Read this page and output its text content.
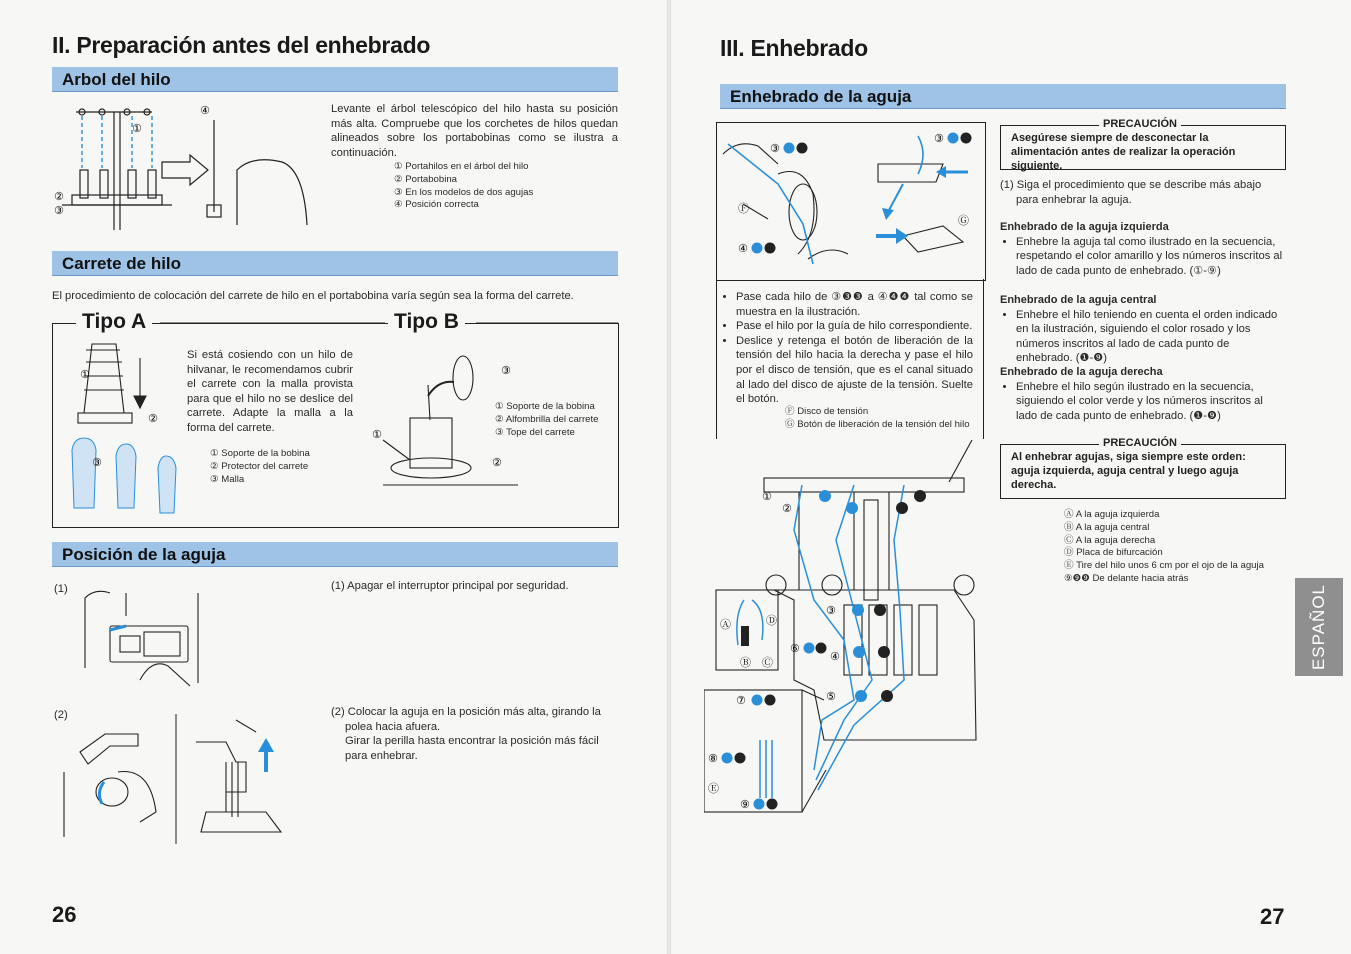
II. Preparación antes del enhebrado
Arbol del hilo
①
②
③
④	Levante el árbol telescópico del hilo hasta su posición más alta. Compruebe que los corchetes de hilos quedan alineados sobre los portabobinas como se ilustra a continuación.
① Portahilos en el árbol del hilo
② Portabobina
③ En los modelos de dos agujas
④ Posición correcta
Carrete de hilo
El procedimiento de colocación del carrete de hilo en el portabobina varía según sea la forma del carrete.
Tipo A	Tipo B
①
②
③
Si está cosiendo con un hilo de hilvanar, le recomendamos cubrir el carrete con la malla provista para que el hilo no se deslice del carrete. Adapte la malla a la forma del carrete.
① Soporte de la bobina
② Protector del carrete
③ Malla
③
①
②
① Soporte de la bobina
② Alfombrilla del carrete
③ Tope del carrete
Posición de la aguja
(1)	(1) Apagar el interruptor principal por seguridad.
(2)	(2) Colocar la aguja en la posición más alta, girando la polea hacia afuera.
Girar la perilla hasta encontrar la posición más fácil para enhebrar.
26
III. Enhebrado
Enhebrado de la aguja
③
③
Ⓕ
Ⓖ
④
• Pase cada hilo de ③❸❸ a ④❹❹ tal como se muestra en la ilustración.
• Pase el hilo por la guía de hilo correspondiente.
• Deslice y retenga el botón de liberación de la tensión del hilo hacia la derecha y pase el hilo por el disco de tensión, que es el canal situado al lado del disco de ajuste de la tensión. Suelte el botón.
Ⓕ Disco de tensión
Ⓖ Botón de liberación de la tensión del hilo
①
②
③
⑥
④
⑤
Ⓐ	Ⓓ
Ⓑ Ⓒ
⑦
⑧
Ⓔ
⑨
Asegúrese siempre de desconectar la alimentación antes de realizar la operación siguiente.
PRECAUCIÓN
(1) Siga el procedimiento que se describe más abajo para enhebrar la aguja.

Enhebrado de la aguja izquierda

• Enhebre la aguja tal como ilustrado en la secuencia, respetando el color amarillo y los números inscritos al lado de cada punto de enhebrado. (①-⑨)

Enhebrado de la aguja central

• Enhebre el hilo teniendo en cuenta el orden indicado en la ilustración, siguiendo el color rosado y los números inscritos al lado de cada punto de enhebrado. (❶-❾)

Enhebrado de la aguja derecha

• Enhebre el hilo según ilustrado en la secuencia, siguiendo el color verde y los números inscritos al lado de cada punto de enhebrado. (❶-❾)
Al enhebrar agujas, siga siempre este orden: aguja izquierda, aguja central y luego aguja derecha.
PRECAUCIÓN
Ⓐ A la aguja izquierda
Ⓑ A la aguja central
Ⓒ A la aguja derecha
Ⓓ Placa de bifurcación
Ⓔ Tire del hilo unos 6 cm por el ojo de la aguja
⑨❾❾ De delante hacia atrás
ESPAÑOL
27
